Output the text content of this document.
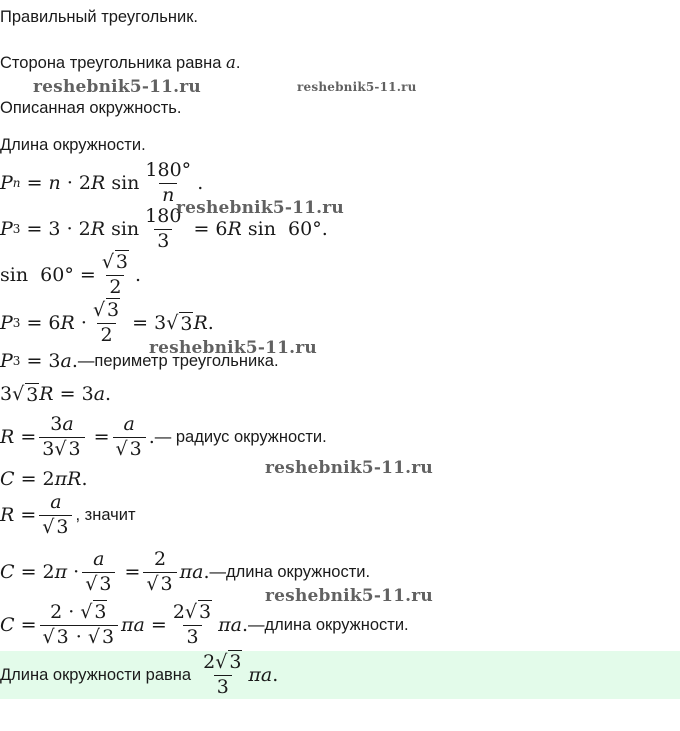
Правильный треугольник.
Сторона треугольника равна a.
Описанная окружность.
Длина окружности.
P n = n · 2 R $\sin \frac{180^\circ}{n}$ .
P 3 = 3 · 2 R $\sin \frac{180}{3} = 6$ R sin 60° .
$\sin 60^\circ = \frac{√ 3}{2}$ .
P 3 = 6 $R \cdot \frac{√ 3}{2} = 3√$ 3 R .
P 3 = 3 a . —периметр треугольника.
3√ 3 R = 3 a .
$R = \frac{3a}{3√ 3} = \frac{a}{√ 3}$ . — радиус окружности.
C = 2 π R .
$R = \frac{a}{√ 3}$ , значит
C = 2 $\pi \cdot \frac{a}{√ 3} = \frac{2}{√ 3}$ π a . —длина окружности.
$C = \frac{2 \cdot √ 3}{√ 3 \cdot √ 3}$ π $a = \frac{2√ 3}{3}$ π a . —длина окружности.
Длина окружности равна
$\frac{2√ 3}{3}$ π a .
reshebnik5-11.ru	reshebnik5-11.ru
reshebnik5-11.ru
reshebnik5-11.ru
reshebnik5-11.ru
reshebnik5-11.ru
